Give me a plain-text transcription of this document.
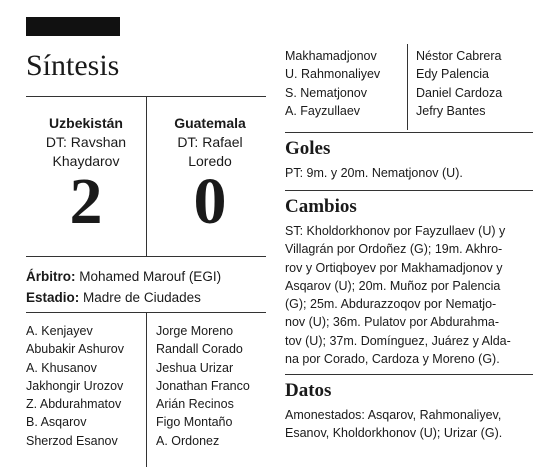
Síntesis
Uzbekistán
DT: Ravshan
Khaydarov
2
Guatemala
DT: Rafael
Loredo
0
Árbitro: Mohamed Marouf (EGI)
Estadio: Madre de Ciudades
A. Kenjayev
Abubakir Ashurov
A. Khusanov
Jakhongir Urozov
Z. Abdurahmatov
B. Asqarov
Sherzod Esanov
Jorge Moreno
Randall Corado
Jeshua Urizar
Jonathan Franco
Arián Recinos
Figo Montaño
A. Ordonez
Makhamadjonov
U. Rahmonaliyev
S. Nematjonov
A. Fayzullaev
Néstor Cabrera
Edy Palencia
Daniel Cardoza
Jefry Bantes
Goles
PT: 9m. y 20m. Nematjonov (U).
Cambios
ST: Kholdorkhonov por Fayzullaev (U) y
Villagrán por Ordoñez (G); 19m. Akhro-
rov y Ortiqboyev por Makhamadjonov y
Asqarov (U); 20m. Muñoz por Palencia
(G); 25m. Abdurazzoqov por Nematjo-
nov (U); 36m. Pulatov por Abdurahma-
tov (U); 37m. Domínguez, Juárez y Alda-
na por Corado, Cardoza y Moreno (G).
Datos
Amonestados: Asqarov, Rahmonaliyev,
Esanov, Kholdorkhonov (U); Urizar (G).
